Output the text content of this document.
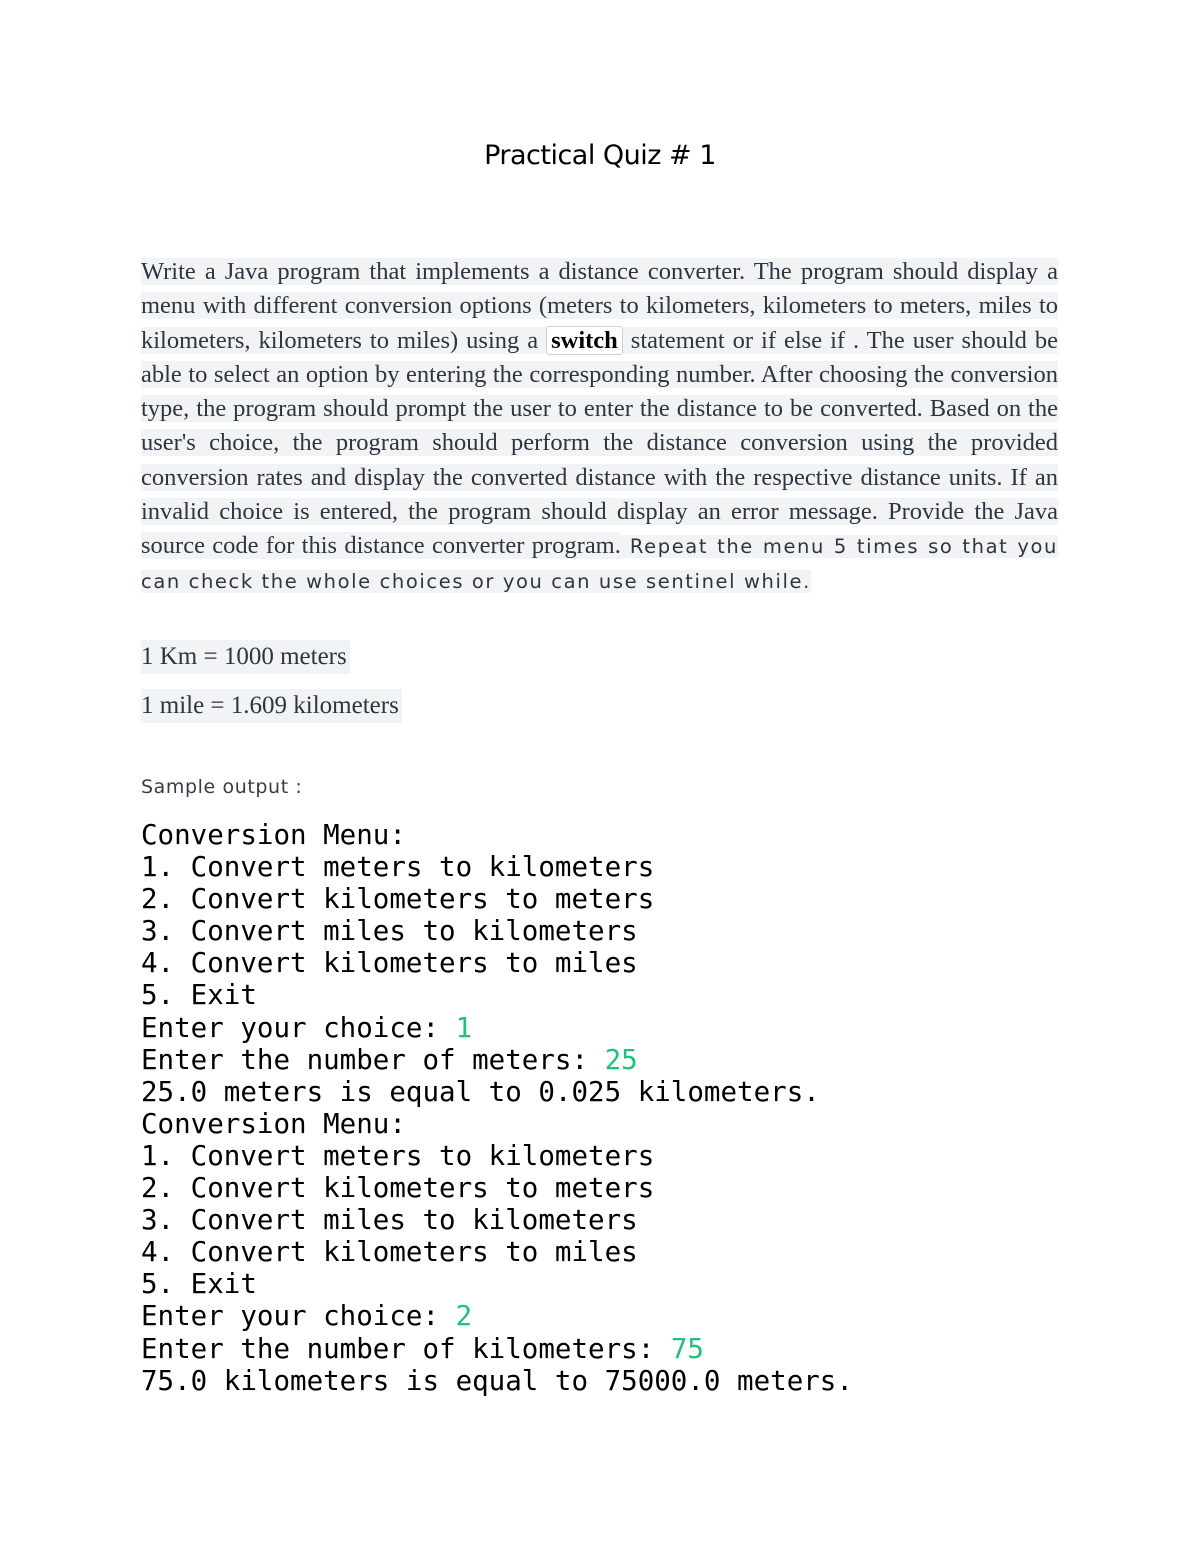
Practical Quiz # 1
Write a Java program that implements a distance converter. The program should display a menu with different conversion options (meters to kilometers, kilometers to meters, miles to kilometers, kilometers to miles) using a switch statement or if else if . The user should be able to select an option by entering the corresponding number. After choosing the conversion type, the program should prompt the user to enter the distance to be converted. Based on the user's choice, the program should perform the distance conversion using the provided conversion rates and display the converted distance with the respective distance units. If an invalid choice is entered, the program should display an error message. Provide the Java source code for this distance converter program. Repeat the menu 5 times so that you can check the whole choices or you can use sentinel while.
1 Km = 1000 meters
1 mile = 1.609 kilometers
Sample output :
Conversion Menu:
1. Convert meters to kilometers
2. Convert kilometers to meters
3. Convert miles to kilometers
4. Convert kilometers to miles
5. Exit
Enter your choice: 1
Enter the number of meters: 25
25.0 meters is equal to 0.025 kilometers.
Conversion Menu:
1. Convert meters to kilometers
2. Convert kilometers to meters
3. Convert miles to kilometers
4. Convert kilometers to miles
5. Exit
Enter your choice: 2
Enter the number of kilometers: 75
75.0 kilometers is equal to 75000.0 meters.
